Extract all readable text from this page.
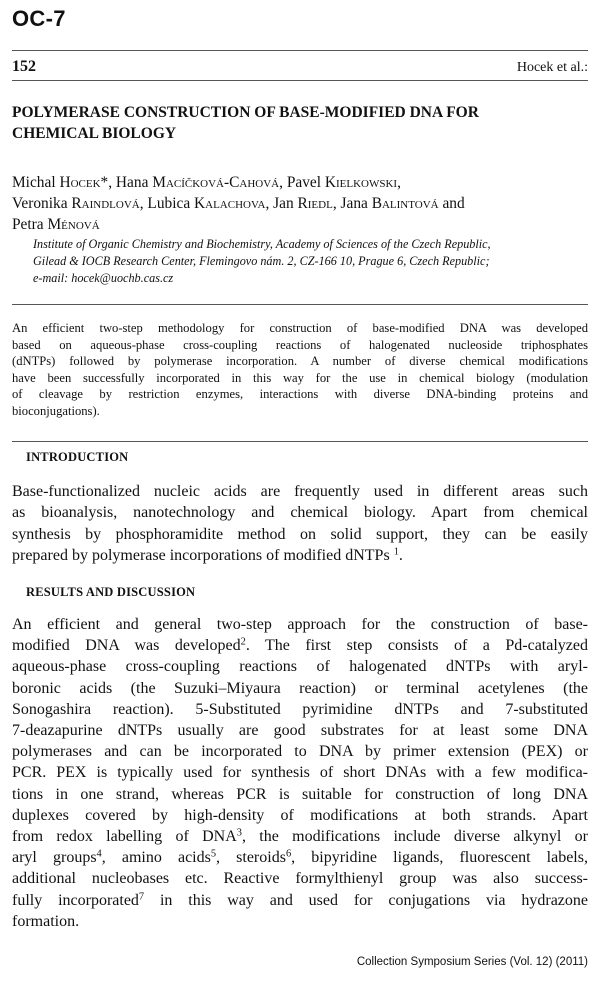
OC-7
152	Hocek et al.:
POLYMERASE CONSTRUCTION OF BASE-MODIFIED DNA FOR
CHEMICAL BIOLOGY
Michal Hocek*, Hana Macíčková-Cahová, Pavel Kielkowski,
Veronika Raindlová, Lubica Kalachova, Jan Riedl, Jana Balintová and
Petra Ménová
Institute of Organic Chemistry and Biochemistry, Academy of Sciences of the Czech Republic,
Gilead & IOCB Research Center, Flemingovo nám. 2, CZ-166 10, Prague 6, Czech Republic;
e-mail: hocek@uochb.cas.cz
An efficient two-step methodology for construction of base-modified DNA was developed
based on aqueous-phase cross-coupling reactions of halogenated nucleoside triphosphates
(dNTPs) followed by polymerase incorporation. A number of diverse chemical modifications
have been successfully incorporated in this way for the use in chemical biology (modulation
of cleavage by restriction enzymes, interactions with diverse DNA-binding proteins and
bioconjugations).
INTRODUCTION
Base-functionalized nucleic acids are frequently used in different areas such
as bioanalysis, nanotechnology and chemical biology. Apart from chemical
synthesis by phosphoramidite method on solid support, they can be easily
prepared by polymerase incorporations of modified dNTPs $^1$.
RESULTS AND DISCUSSION
An efficient and general two-step approach for the construction of base-
modified DNA was developed$^2$. The first step consists of a Pd-catalyzed
aqueous-phase cross-coupling reactions of halogenated dNTPs with aryl-
boronic acids (the Suzuki–Miyaura reaction) or terminal acetylenes (the
Sonogashira reaction). 5-Substituted pyrimidine dNTPs and 7-substituted
7-deazapurine dNTPs usually are good substrates for at least some DNA
polymerases and can be incorporated to DNA by primer extension (PEX) or
PCR. PEX is typically used for synthesis of short DNAs with a few modifica-
tions in one strand, whereas PCR is suitable for construction of long DNA
duplexes covered by high-density of modifications at both strands. Apart
from redox labelling of DNA$^3$, the modifications include diverse alkynyl or
aryl groups$^4$, amino acids$^5$, steroids$^6$, bipyridine ligands, fluorescent labels,
additional nucleobases etc. Reactive formylthienyl group was also success-
fully incorporated$^7$ in this way and used for conjugations via hydrazone
formation.
Collection Symposium Series (Vol. 12) (2011)
